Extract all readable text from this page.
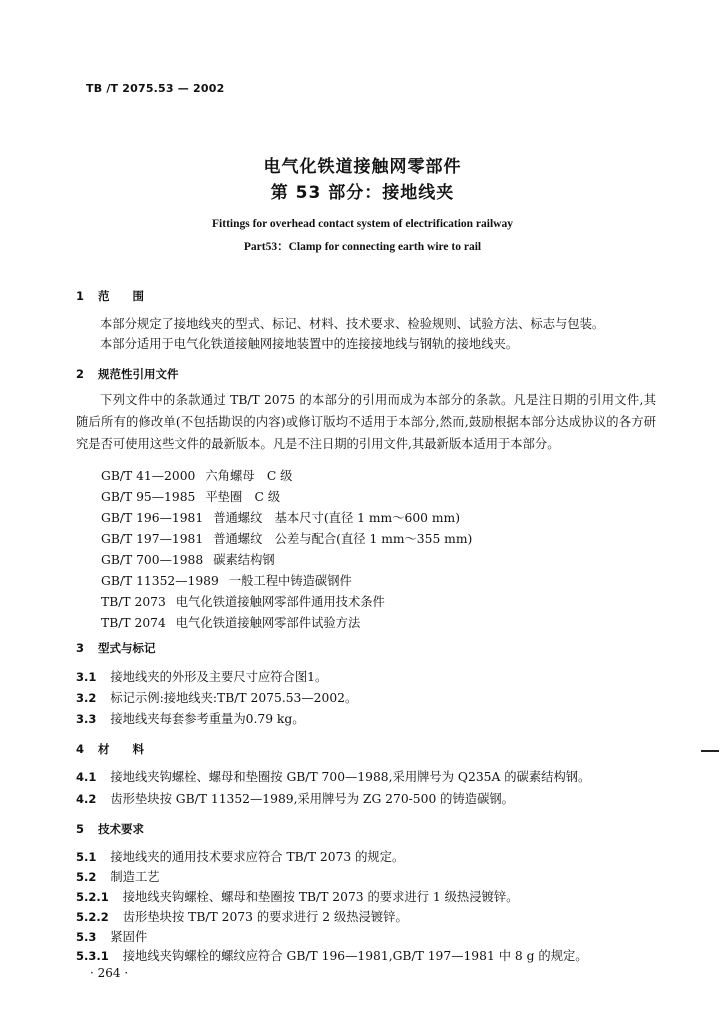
TB /T 2075.53 — 2002
电气化铁道接触网零部件
第 53 部分：接地线夹
Fittings for overhead contact system of electrification railway
Part53：Clamp for connecting earth wire to rail
1 范　　围

本部分规定了接地线夹的型式、标记、材料、技术要求、检验规则、试验方法、标志与包装。

本部分适用于电气化铁道接触网接地装置中的连接接地线与钢轨的接地线夹。

2 规范性引用文件

下列文件中的条款通过 TB/T 2075 的本部分的引用而成为本部分的条款。凡是注日期的引用文件,其随后所有的修改单(不包括勘误的内容)或修订版均不适用于本部分,然而,鼓励根据本部分达成协议的各方研究是否可使用这些文件的最新版本。凡是不注日期的引用文件,其最新版本适用于本部分。

GB/T 41—2000 六角螺母　C 级
GB/T 95—1985 平垫圈　C 级
GB/T 196—1981 普通螺纹　基本尺寸(直径 1 mm～600 mm)
GB/T 197—1981 普通螺纹　公差与配合(直径 1 mm～355 mm)
GB/T 700—1988 碳素结构钢
GB/T 11352—1989 一般工程中铸造碳钢件
TB/T 2073 电气化铁道接触网零部件通用技术条件
TB/T 2074 电气化铁道接触网零部件试验方法
3 型式与标记
3.1 接地线夹的外形及主要尺寸应符合图1。
3.2 标记示例:接地线夹:TB/T 2075.53—2002。
3.3 接地线夹每套参考重量为0.79 kg。
4 材　　料
4.1 接地线夹钩螺栓、螺母和垫圈按 GB/T 700—1988,采用牌号为 Q235A 的碳素结构钢。
4.2 齿形垫块按 GB/T 11352—1989,采用牌号为 ZG 270-500 的铸造碳钢。
5 技术要求
5.1 接地线夹的通用技术要求应符合 TB/T 2073 的规定。
5.2 制造工艺
5.2.1 接地线夹钩螺栓、螺母和垫圈按 TB/T 2073 的要求进行 1 级热浸镀锌。
5.2.2 齿形垫块按 TB/T 2073 的要求进行 2 级热浸镀锌。
5.3 紧固件
5.3.1 接地线夹钩螺栓的螺纹应符合 GB/T 196—1981,GB/T 197—1981 中 8 g 的规定。
· 264 ·
